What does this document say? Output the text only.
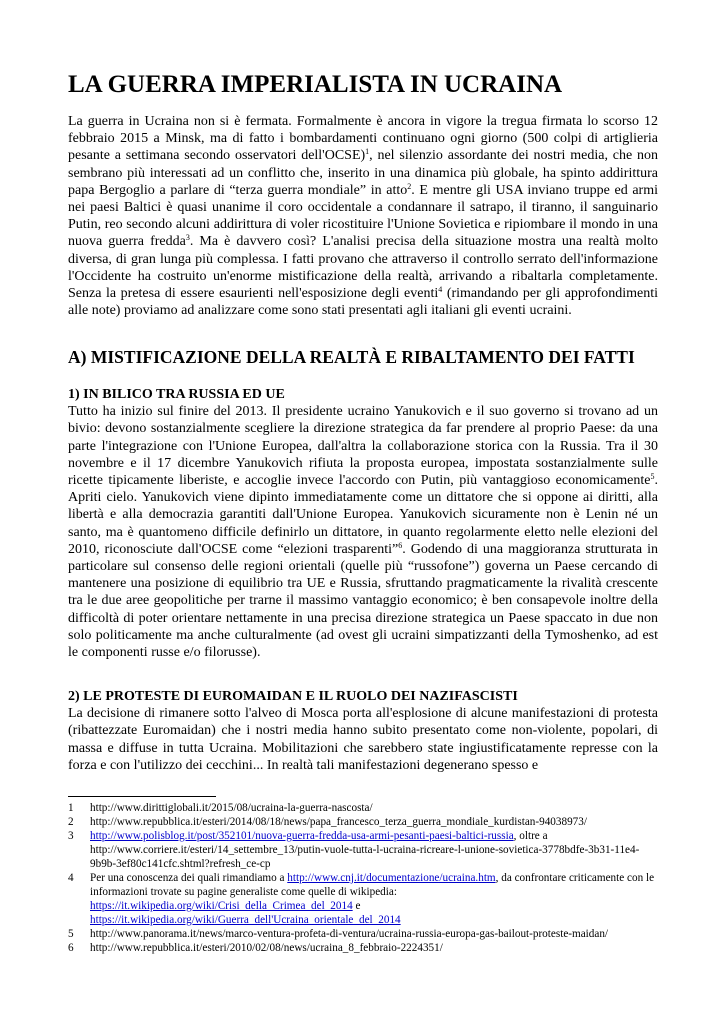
LA GUERRA IMPERIALISTA IN UCRAINA

La guerra in Ucraina non si è fermata. Formalmente è ancora in vigore la tregua firmata lo scorso 12 febbraio 2015 a Minsk, ma di fatto i bombardamenti continuano ogni giorno (500 colpi di artiglieria pesante a settimana secondo osservatori dell'OCSE)$^1$, nel silenzio assordante dei nostri media, che non sembrano più interessati ad un conflitto che, inserito in una dinamica più globale, ha spinto addirittura papa Bergoglio a parlare di “terza guerra mondiale” in atto$^2$. E mentre gli USA inviano truppe ed armi nei paesi Baltici è quasi unanime il coro occidentale a condannare il satrapo, il tiranno, il sanguinario Putin, reo secondo alcuni addirittura di voler ricostituire l'Unione Sovietica e ripiombare il mondo in una nuova guerra fredda$^3$. Ma è davvero così? L'analisi precisa della situazione mostra una realtà molto diversa, di gran lunga più complessa. I fatti provano che attraverso il controllo serrato dell'informazione l'Occidente ha costruito un'enorme mistificazione della realtà, arrivando a ribaltarla completamente. Senza la pretesa di essere esaurienti nell'esposizione degli eventi$^4$ (rimandando per gli approfondimenti alle note) proviamo ad analizzare come sono stati presentati agli italiani gli eventi ucraini.

A) MISTIFICAZIONE DELLA REALTÀ E RIBALTAMENTO DEI FATTI
1) IN BILICO TRA RUSSIA ED UE

Tutto ha inizio sul finire del 2013. Il presidente ucraino Yanukovich e il suo governo si trovano ad un bivio: devono sostanzialmente scegliere la direzione strategica da far prendere al proprio Paese: da una parte l'integrazione con l'Unione Europea, dall'altra la collaborazione storica con la Russia. Tra il 30 novembre e il 17 dicembre Yanukovich rifiuta la proposta europea, impostata sostanzialmente sulle ricette tipicamente liberiste, e accoglie invece l'accordo con Putin, più vantaggioso economicamente$^5$. Apriti cielo. Yanukovich viene dipinto immediatamente come un dittatore che si oppone ai diritti, alla libertà e alla democrazia garantiti dall'Unione Europea. Yanukovich sicuramente non è Lenin né un santo, ma è quantomeno difficile definirlo un dittatore, in quanto regolarmente eletto nelle elezioni del 2010, riconosciute dall'OCSE come “elezioni trasparenti”$^6$. Godendo di una maggioranza strutturata in particolare sul consenso delle regioni orientali (quelle più “russofone”) governa un Paese cercando di mantenere una posizione di equilibrio tra UE e Russia, sfruttando pragmaticamente la rivalità crescente tra le due aree geopolitiche per trarne il massimo vantaggio economico; è ben consapevole inoltre della difficoltà di poter orientare nettamente in una precisa direzione strategica un Paese spaccato in due non solo politicamente ma anche culturalmente (ad ovest gli ucraini simpatizzanti della Tymoshenko, ad est le componenti russe e/o filorusse).

2) LE PROTESTE DI EUROMAIDAN E IL RUOLO DEI NAZIFASCISTI

La decisione di rimanere sotto l'alveo di Mosca porta all'esplosione di alcune manifestazioni di protesta (ribattezzate Euromaidan) che i nostri media hanno subito presentato come non-violente, popolari, di massa e diffuse in tutta Ucraina. Mobilitazioni che sarebbero state ingiustificatamente represse con la forza e con l'utilizzo dei cecchini... In realtà tali manifestazioni degenerano spesso e

1	http://www.dirittiglobali.it/2015/08/ucraina-la-guerra-nascosta/
2	http://www.repubblica.it/esteri/2014/08/18/news/papa_francesco_terza_guerra_mondiale_kurdistan-94038973/
3	http://www.polisblog.it/post/352101/nuova-guerra-fredda-usa-armi-pesanti-paesi-baltici-russia, oltre a http://www.corriere.it/esteri/14_settembre_13/putin-vuole-tutta-l-ucraina-ricreare-l-unione-sovietica-3778bdfe-3b31-11e4-9b9b-3ef80c141cfc.shtml?refresh_ce-cp
4	Per una conoscenza dei quali rimandiamo a http://www.cnj.it/documentazione/ucraina.htm, da confrontare criticamente con le informazioni trovate su pagine generaliste come quelle di wikipedia: https://it.wikipedia.org/wiki/Crisi_della_Crimea_del_2014 e https://it.wikipedia.org/wiki/Guerra_dell'Ucraina_orientale_del_2014
5	http://www.panorama.it/news/marco-ventura-profeta-di-ventura/ucraina-russia-europa-gas-bailout-proteste-maidan/
6	http://www.repubblica.it/esteri/2010/02/08/news/ucraina_8_febbraio-2224351/
